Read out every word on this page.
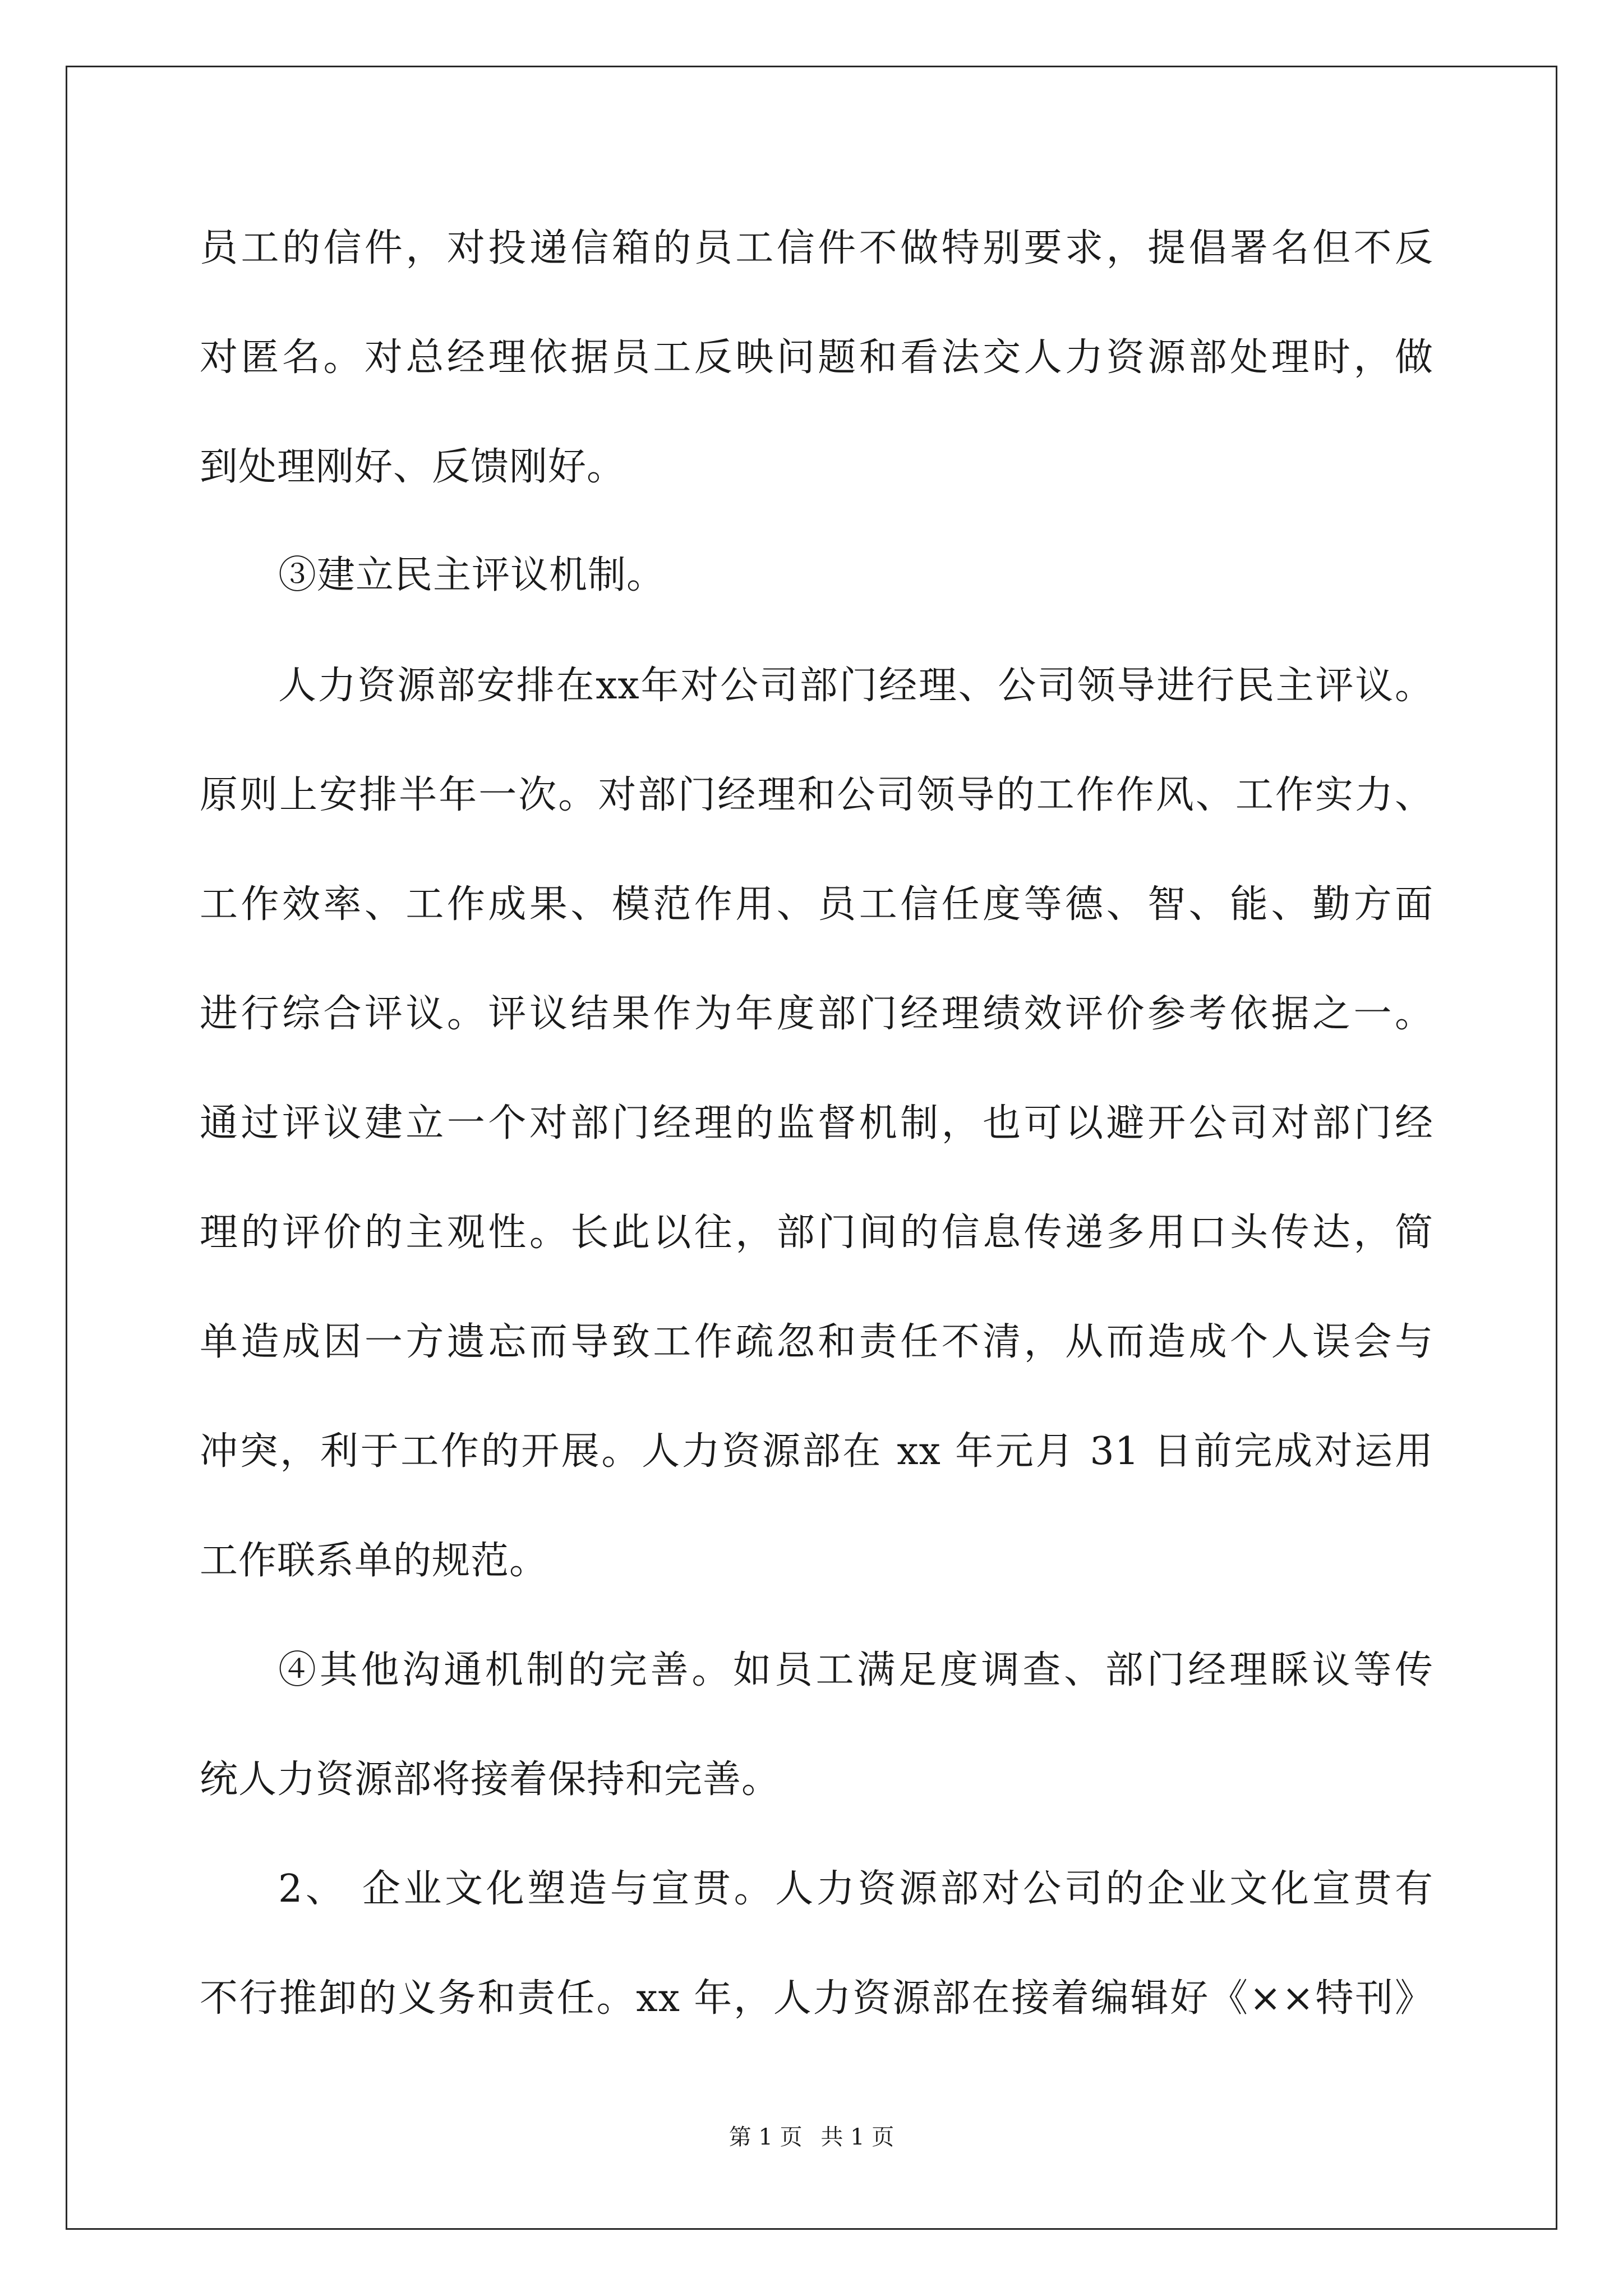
员工的信件，对投递信箱的员工信件不做特别要求，提倡署名但不反
对匿名。对总经理依据员工反映问题和看法交人力资源部处理时，做
到处理刚好、反馈刚好。
③建立民主评议机制。
人力资源部安排在xx年对公司部门经理、公司领导进行民主评议。
原则上安排半年一次。对部门经理和公司领导的工作作风、工作实力、
工作效率、工作成果、模范作用、员工信任度等德、智、能、勤方面
进行综合评议。评议结果作为年度部门经理绩效评价参考依据之一。
通过评议建立一个对部门经理的监督机制，也可以避开公司对部门经
理的评价的主观性。长此以往，部门间的信息传递多用口头传达，简
单造成因一方遗忘而导致工作疏忽和责任不清，从而造成个人误会与
冲突，利于工作的开展。人力资源部在 xx 年元月 31 日前完成对运用
工作联系单的规范。
④其他沟通机制的完善。如员工满足度调查、部门经理睬议等传
统人力资源部将接着保持和完善。
2、 企业文化塑造与宣贯。人力资源部对公司的企业文化宣贯有
不行推卸的义务和责任。xx 年，人力资源部在接着编辑好《××特刊》
第 1 页 共 1 页
